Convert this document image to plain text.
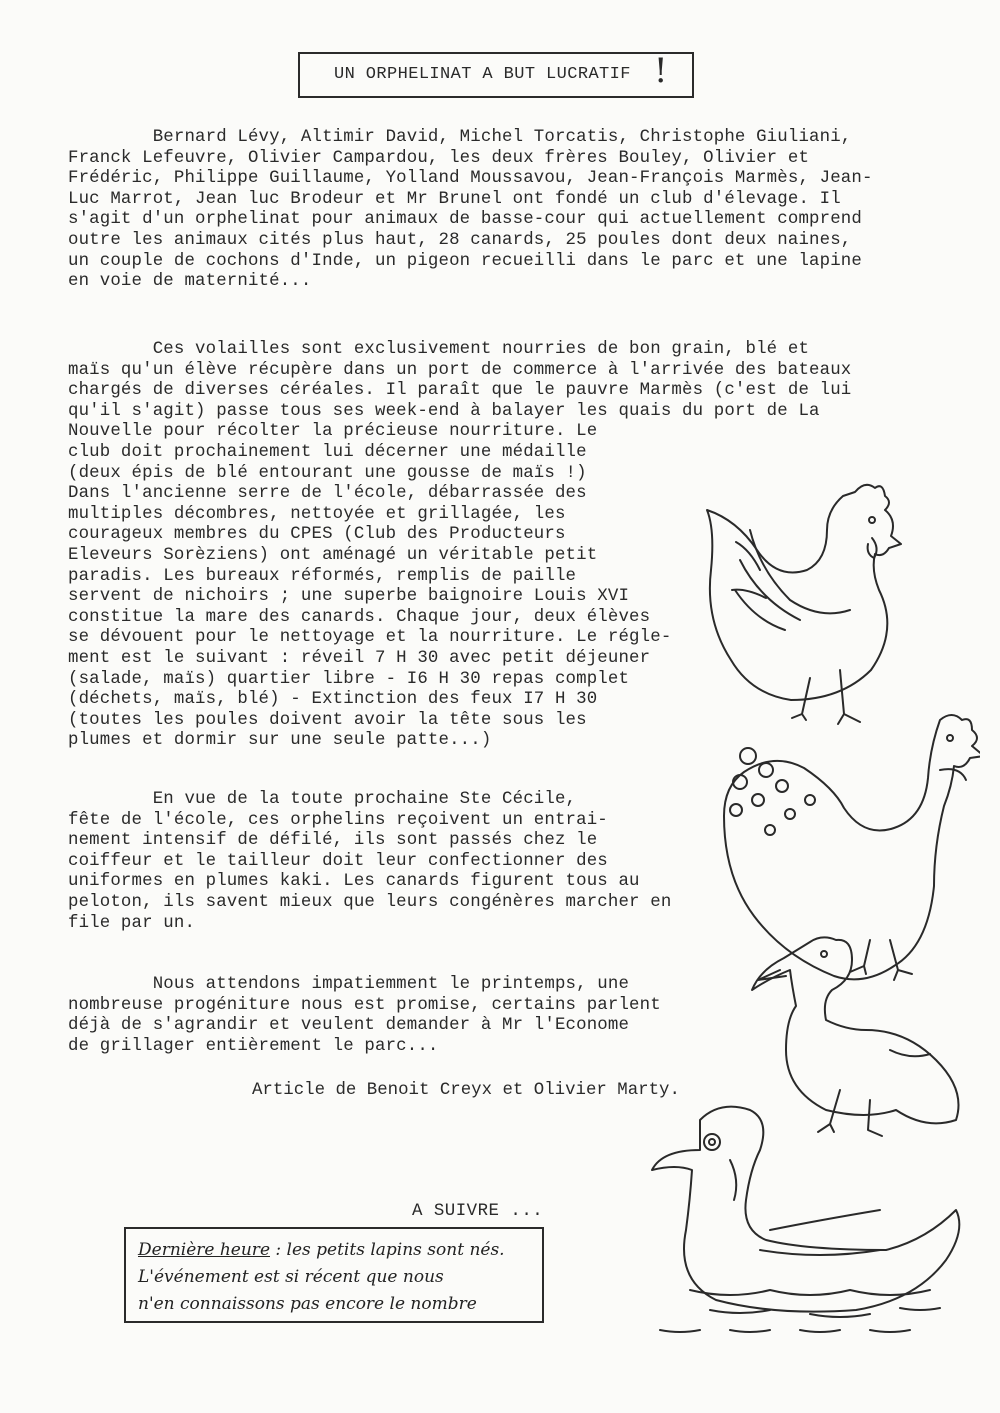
UN ORPHELINAT A BUT LUCRATIF !

Bernard Lévy, Altimir David, Michel Torcatis, Christophe Giuliani,
Franck Lefeuvre, Olivier Campardou, les deux frères Bouley, Olivier et
Frédéric, Philippe Guillaume, Yolland Moussavou, Jean-François Marmès, Jean-
Luc Marrot, Jean luc Brodeur et Mr Brunel ont fondé un club d'élevage. Il
s'agit d'un orphelinat pour animaux de basse-cour qui actuellement comprend
outre les animaux cités plus haut, 28 canards, 25 poules dont deux naines,
un couple de cochons d'Inde, un pigeon recueilli dans le parc et une lapine
en voie de maternité...

Ces volailles sont exclusivement nourries de bon grain, blé et
maïs qu'un élève récupère dans un port de commerce à l'arrivée des bateaux
chargés de diverses céréales. Il paraît que le pauvre Marmès (c'est de lui
qu'il s'agit) passe tous ses week-end à balayer les quais du port de La
Nouvelle pour récolter la précieuse nourriture. Le
club doit prochainement lui décerner une médaille
(deux épis de blé entourant une gousse de maïs !)
Dans l'ancienne serre de l'école, débarrassée des
multiples décombres, nettoyée et grillagée, les
courageux membres du CPES (Club des Producteurs
Eleveurs Sorèziens) ont aménagé un véritable petit
paradis. Les bureaux réformés, remplis de paille
servent de nichoirs ; une superbe baignoire Louis XVI
constitue la mare des canards. Chaque jour, deux élèves
se dévouent pour le nettoyage et la nourriture. Le régle-
ment est le suivant : réveil 7 H 30 avec petit déjeuner
(salade, maïs) quartier libre - I6 H 30 repas complet
(déchets, maïs, blé) - Extinction des feux I7 H 30
(toutes les poules doivent avoir la tête sous les
plumes et dormir sur une seule patte...)

En vue de la toute prochaine Ste Cécile,
fête de l'école, ces orphelins reçoivent un entrai-
nement intensif de défilé, ils sont passés chez le
coiffeur et le tailleur doit leur confectionner des
uniformes en plumes kaki. Les canards figurent tous au
peloton, ils savent mieux que leurs congénères marcher en
file par un.

Nous attendons impatiemment le printemps, une
nombreuse progéniture nous est promise, certains parlent
déjà de s'agrandir et veulent demander à Mr l'Econome
de grillager entièrement le parc...

Article de Benoit Creyx et Olivier Marty.
A SUIVRE ...
Dernière heure : les petits lapins sont nés.
L'événement est si récent que nous
n'en connaissons pas encore le nombre
